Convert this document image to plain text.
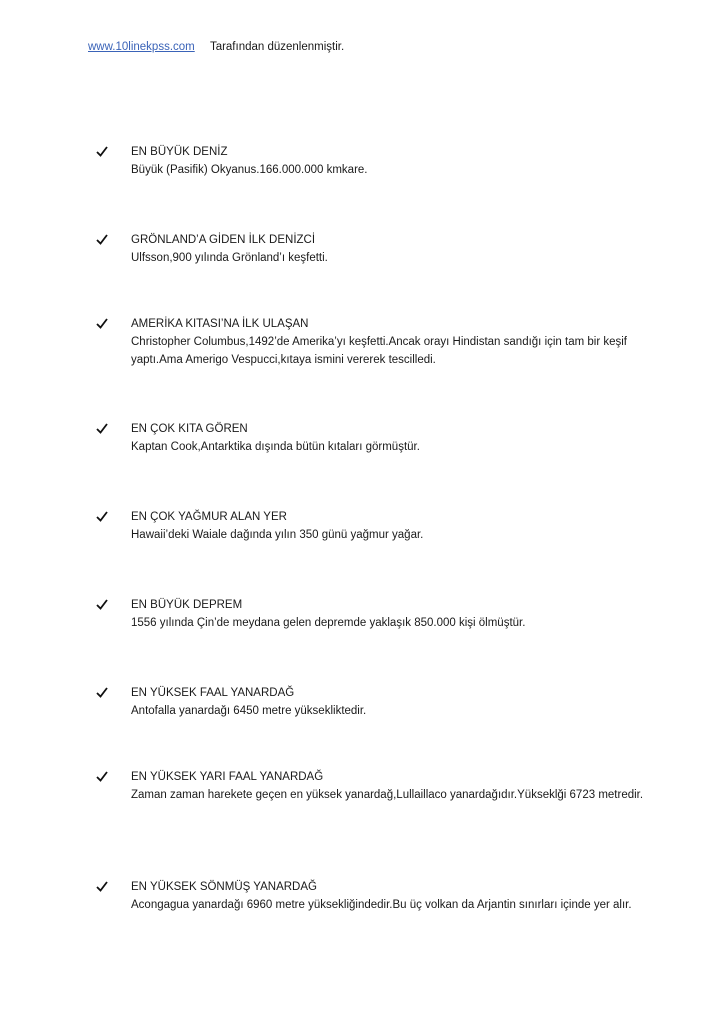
www.10linekpss.com Tarafından düzenlenmiştir.
EN BÜYÜK DENİZ
Büyük (Pasifik) Okyanus.166.000.000 kmkare.
GRÖNLAND’A GİDEN İLK DENİZCİ
Ulfsson,900 yılında Grönland’ı keşfetti.
AMERİKA KITASI’NA İLK ULAŞAN
Christopher Columbus,1492’de Amerika’yı keşfetti.Ancak orayı Hindistan sandığı için tam bir keşif yaptı.Ama Amerigo Vespucci,kıtaya ismini vererek tescilledi.
EN ÇOK KITA GÖREN
Kaptan Cook,Antarktika dışında bütün kıtaları görmüştür.
EN ÇOK YAĞMUR ALAN YER
Hawaii’deki Waiale dağında yılın 350 günü yağmur yağar.
EN BÜYÜK DEPREM
1556 yılında Çin’de meydana gelen depremde yaklaşık 850.000 kişi ölmüştür.
EN YÜKSEK FAAL YANARDAĞ
Antofalla yanardağı 6450 metre yüksekliktedir.
EN YÜKSEK YARI FAAL YANARDAĞ
Zaman zaman harekete geçen en yüksek yanardağ,Lullaillaco yanardağıdır.Yükseklği 6723 metredir.
EN YÜKSEK SÖNMÜŞ YANARDAĞ
Acongagua yanardağı 6960 metre yüksekliğindedir.Bu üç volkan da Arjantin sınırları içinde yer alır.
